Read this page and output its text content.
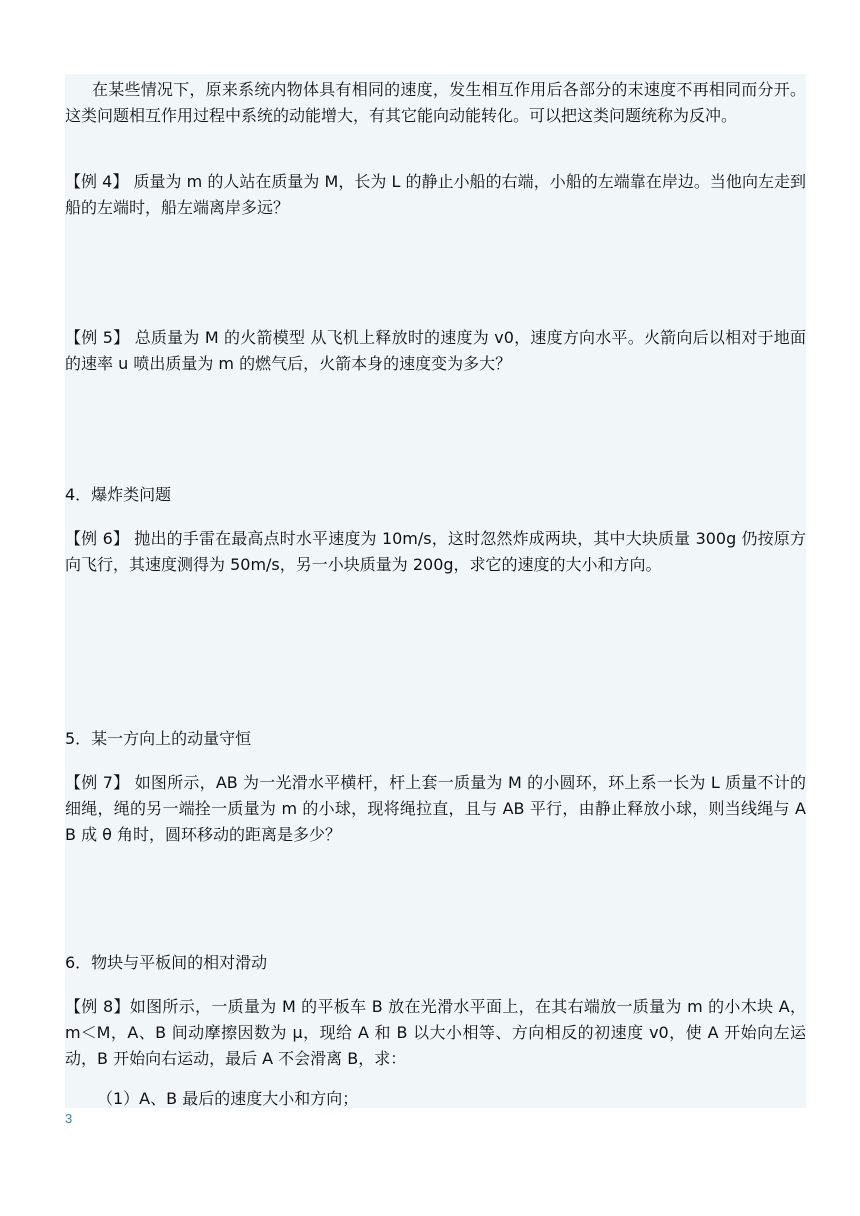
在某些情况下，原来系统内物体具有相同的速度，发生相互作用后各部分的末速度不再相同而分开。这类问题相互作用过程中系统的动能增大，有其它能向动能转化。可以把这类问题统称为反冲。

【例 4】 质量为 m 的人站在质量为 M，长为 L 的静止小船的右端，小船的左端靠在岸边。当他向左走到船的左端时，船左端离岸多远？

【例 5】 总质量为 M 的火箭模型 从飞机上释放时的速度为 v0，速度方向水平。火箭向后以相对于地面的速率 u 喷出质量为 m 的燃气后，火箭本身的速度变为多大？

4．爆炸类问题

【例 6】 抛出的手雷在最高点时水平速度为 10m/s，这时忽然炸成两块，其中大块质量 300g 仍按原方向飞行，其速度测得为 50m/s，另一小块质量为 200g，求它的速度的大小和方向。

5．某一方向上的动量守恒

【例 7】 如图所示，AB 为一光滑水平横杆，杆上套一质量为 M 的小圆环，环上系一长为 L 质量不计的细绳，绳的另一端拴一质量为 m 的小球，现将绳拉直，且与 AB 平行，由静止释放小球，则当线绳与 A B 成 θ 角时，圆环移动的距离是多少？

6．物块与平板间的相对滑动

【例 8】如图所示，一质量为 M 的平板车 B 放在光滑水平面上，在其右端放一质量为 m 的小木块 A，m＜M，A、B 间动摩擦因数为 μ，现给 A 和 B 以大小相等、方向相反的初速度 v0，使 A 开始向左运动，B 开始向右运动，最后 A 不会滑离 B，求：

（1）A、B 最后的速度大小和方向；

3
